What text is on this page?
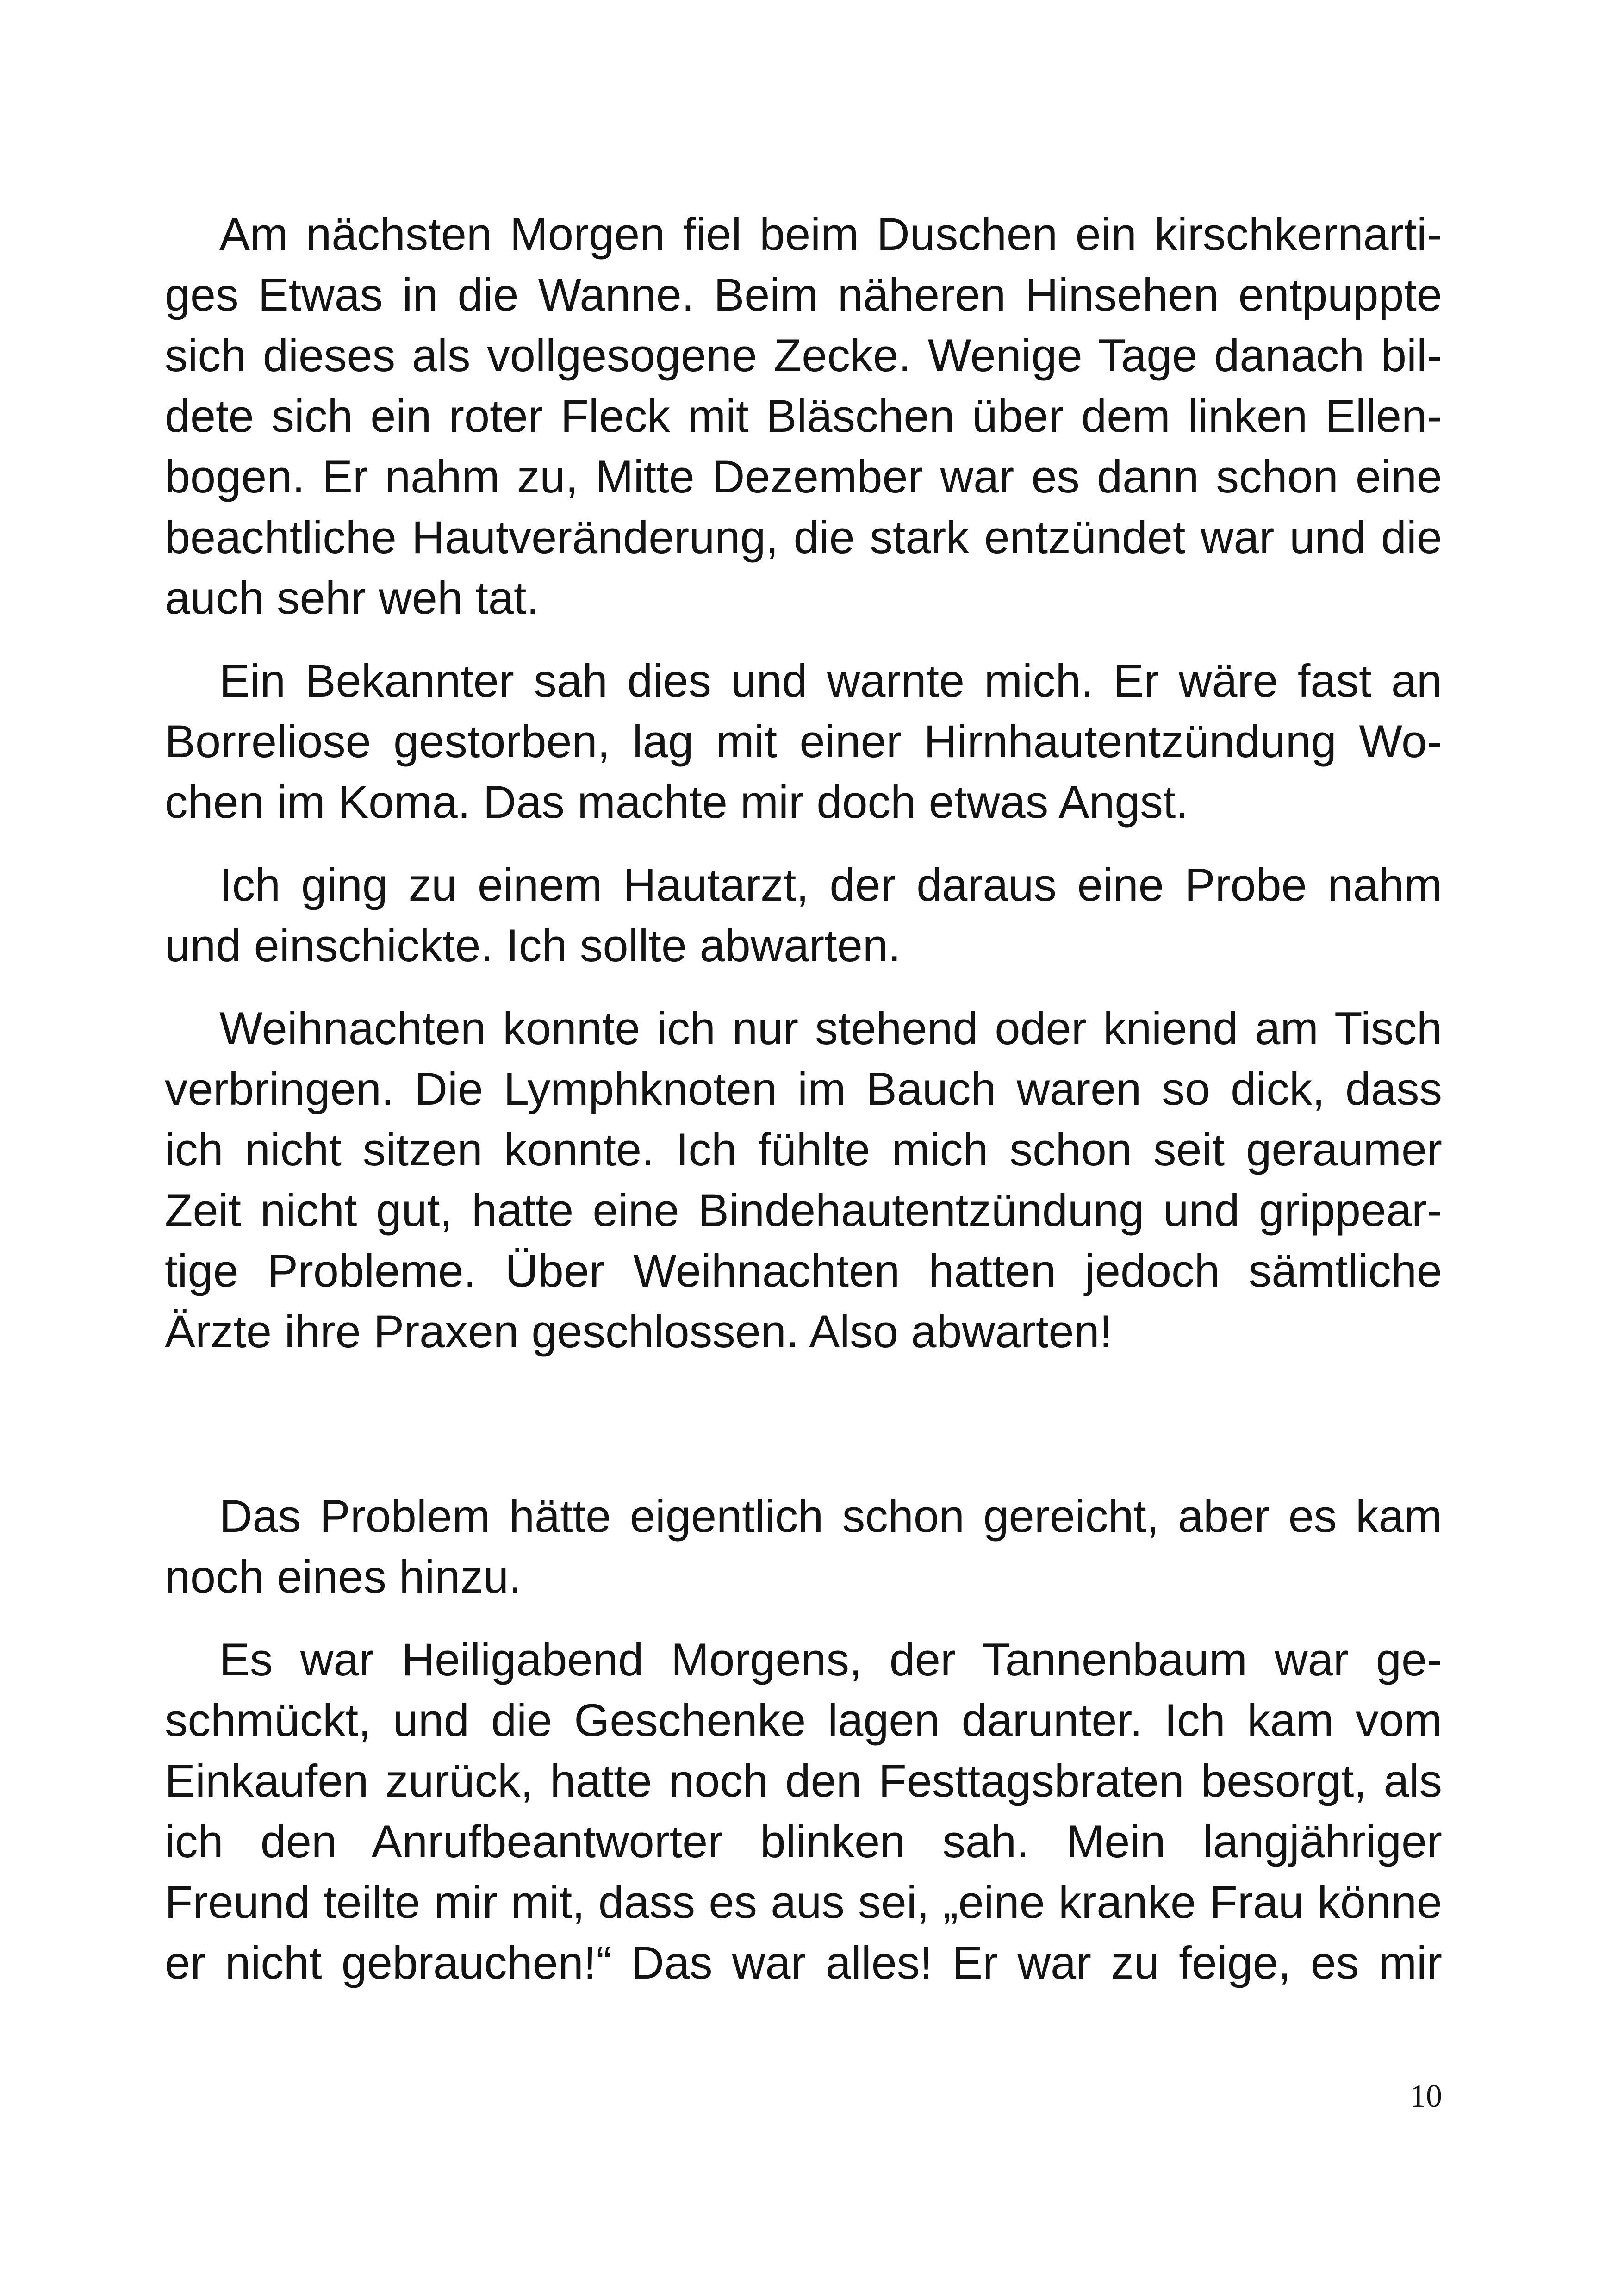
Am nächsten Morgen fiel beim Duschen ein kirschkernarti-
ges Etwas in die Wanne. Beim näheren Hinsehen entpuppte
sich dieses als vollgesogene Zecke. Wenige Tage danach bil-
dete sich ein roter Fleck mit Bläschen über dem linken Ellen-
bogen. Er nahm zu, Mitte Dezember war es dann schon eine
beachtliche Hautveränderung, die stark entzündet war und die
auch sehr weh tat.

Ein Bekannter sah dies und warnte mich. Er wäre fast an
Borreliose gestorben, lag mit einer Hirnhautentzündung Wo-
chen im Koma. Das machte mir doch etwas Angst.

Ich ging zu einem Hautarzt, der daraus eine Probe nahm
und einschickte. Ich sollte abwarten.

Weihnachten konnte ich nur stehend oder kniend am Tisch
verbringen. Die Lymphknoten im Bauch waren so dick, dass
ich nicht sitzen konnte. Ich fühlte mich schon seit geraumer
Zeit nicht gut, hatte eine Bindehautentzündung und grippear-
tige Probleme. Über Weihnachten hatten jedoch sämtliche
Ärzte ihre Praxen geschlossen. Also abwarten!

Das Problem hätte eigentlich schon gereicht, aber es kam
noch eines hinzu.

Es war Heiligabend Morgens, der Tannenbaum war ge-
schmückt, und die Geschenke lagen darunter. Ich kam vom
Einkaufen zurück, hatte noch den Festtagsbraten besorgt, als
ich den Anrufbeantworter blinken sah. Mein langjähriger
Freund teilte mir mit, dass es aus sei, „eine kranke Frau könne
er nicht gebrauchen!“ Das war alles! Er war zu feige, es mir

10
